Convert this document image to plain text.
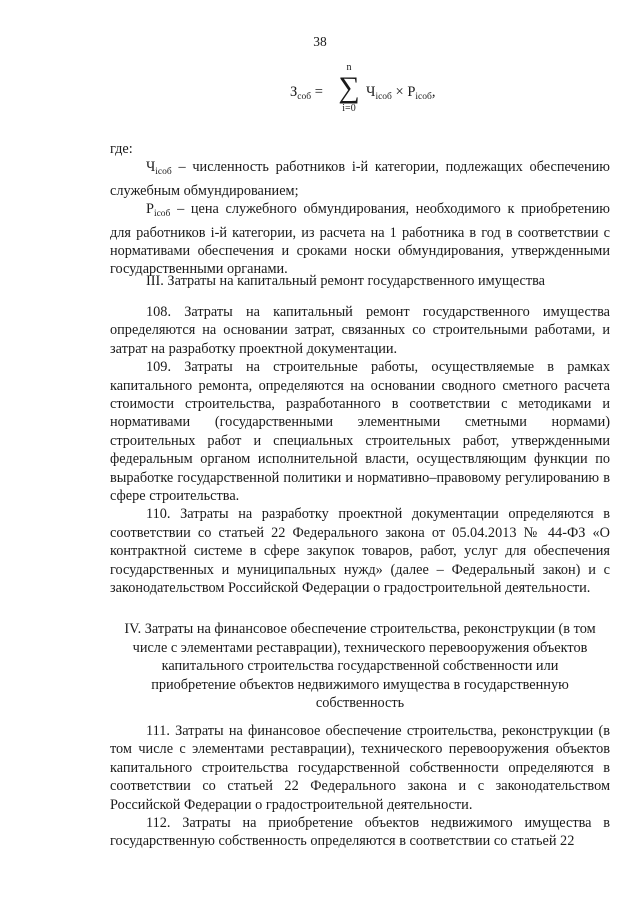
38
$З_{соб}$ =
n
∑
i=0
$Ч_{icоб} \times P_{icоб}$,

где:

$Ч_{icоб}$ – численность работников i-й категории, подлежащих обеспечению служебным обмундированием;

$P_{icоб}$ – цена служебного обмундирования, необходимого к приобретению для работников i-й категории, из расчета на 1 работника в год в соответствии с нормативами обеспечения и сроками носки обмундирования, утвержденными государственными органами.

III. Затраты на капитальный ремонт государственного имущества

108. Затраты на капитальный ремонт государственного имущества определяются на основании затрат, связанных со строительными работами, и затрат на разработку проектной документации.

109. Затраты на строительные работы, осуществляемые в рамках капитального ремонта, определяются на основании сводного сметного расчета стоимости строительства, разработанного в соответствии с методиками и нормативами (государственными элементными сметными нормами) строительных работ и специальных строительных работ, утвержденными федеральным органом исполнительной власти, осуществляющим функции по выработке государственной политики и нормативно–правовому регулированию в сфере строительства.

110. Затраты на разработку проектной документации определяются в соответствии со статьей 22 Федерального закона от 05.04.2013 № 44-ФЗ «О контрактной системе в сфере закупок товаров, работ, услуг для обеспечения государственных и муниципальных нужд» (далее – Федеральный закон) и с законодательством Российской Федерации о градостроительной деятельности.

IV. Затраты на финансовое обеспечение строительства, реконструкции (в том
числе с элементами реставрации), технического перевооружения объектов
капитального строительства государственной собственности или
приобретение объектов недвижимого имущества в государственную
собственность

111. Затраты на финансовое обеспечение строительства, реконструкции (в том числе с элементами реставрации), технического перевооружения объектов капитального строительства государственной собственности определяются в соответствии со статьей 22 Федерального закона и с законодательством Российской Федерации о градостроительной деятельности.

112. Затраты на приобретение объектов недвижимого имущества в государственную собственность определяются в соответствии со статьей 22
